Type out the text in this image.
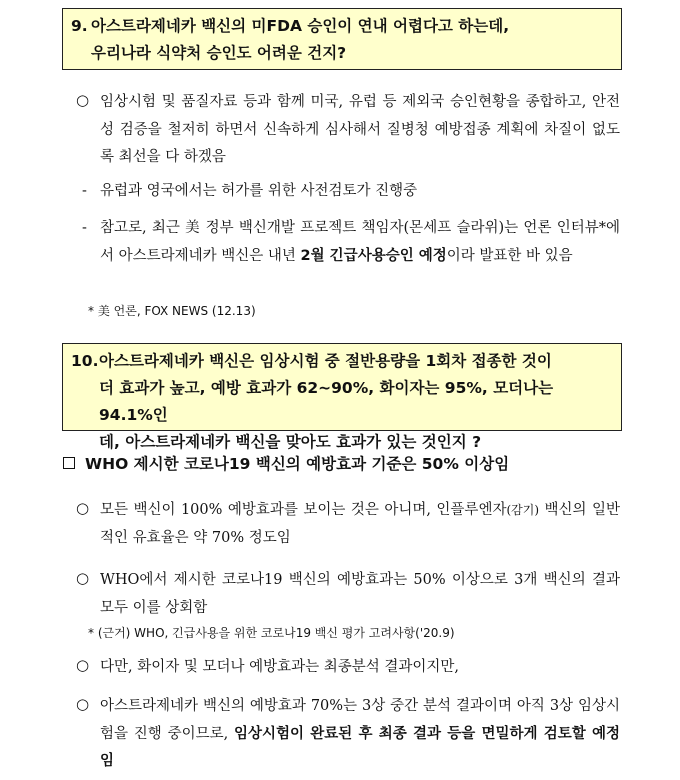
9. 아스트라제네카 백신의 미FDA 승인이 연내 어렵다고 하는데,
우리나라 식약처 승인도 어려운 건지?
○ 임상시험 및 품질자료 등과 함께 미국, 유럽 등 제외국 승인현황을 종합하고, 안전성 검증을 철저히 하면서 신속하게 심사해서 질병청 예방접종 계획에 차질이 없도록 최선을 다 하겠음
- 유럽과 영국에서는 허가를 위한 사전검토가 진행중
- 참고로, 최근 美 정부 백신개발 프로젝트 책임자(몬세프 슬라위)는 언론 인터뷰*에서 아스트라제네카 백신은 내년 2월 긴급사용승인 예정이라 발표한 바 있음
* 美 언론, FOX NEWS (12.13)
10. 아스트라제네카 백신은 임상시험 중 절반용량을 1회차 접종한 것이
더 효과가 높고, 예방 효과가 62~90%, 화이자는 95%, 모더나는 94.1%인
데, 아스트라제네카 백신을 맞아도 효과가 있는 것인지 ?
WHO 제시한 코로나19 백신의 예방효과 기준은 50% 이상임
○ 모든 백신이 100% 예방효과를 보이는 것은 아니며, 인플루엔자(감기) 백신의 일반적인 유효율은 약 70% 정도임
○ WHO에서 제시한 코로나19 백신의 예방효과는 50% 이상으로 3개 백신의 결과 모두 이를 상회함
* (근거) WHO, 긴급사용을 위한 코로나19 백신 평가 고려사항('20.9)
○ 다만, 화이자 및 모더나 예방효과는 최종분석 결과이지만,
○ 아스트라제네카 백신의 예방효과 70%는 3상 중간 분석 결과이며 아직 3상 임상시험을 진행 중이므로, 임상시험이 완료된 후 최종 결과 등을 면밀하게 검토할 예정임
